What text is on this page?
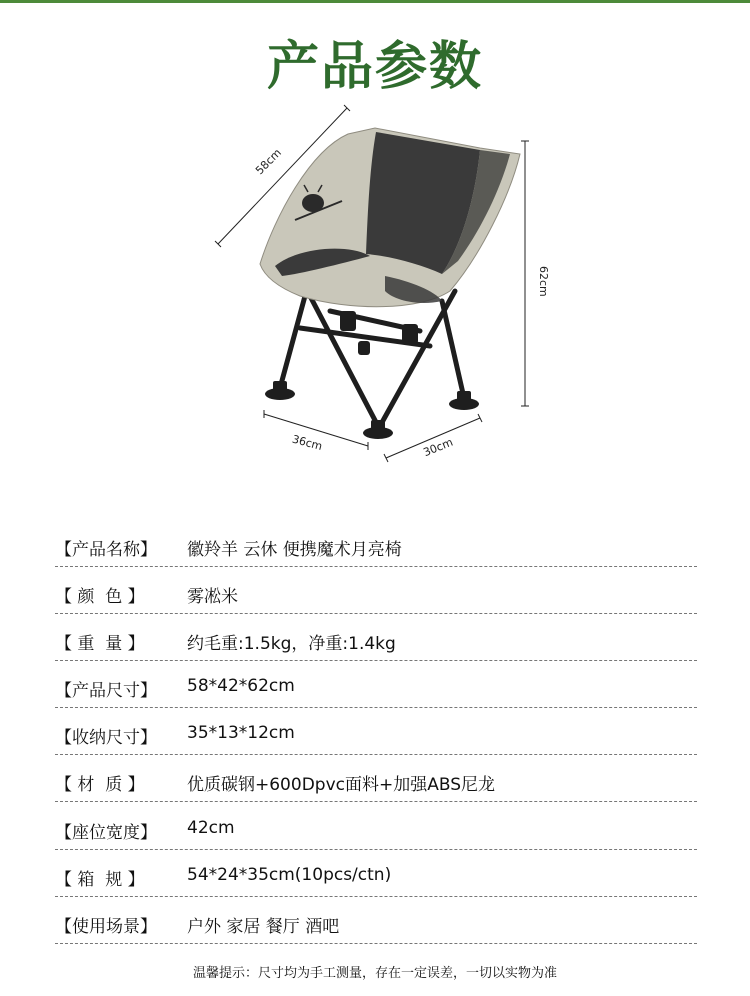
产品参数
58cm
62cm
36cm	30cm
【产品名称】 徽羚羊 云休 便携魔术月亮椅
【 颜  色 】 雾凇米
【 重  量 】 约毛重:1.5kg，净重:1.4kg
【产品尺寸】 58*42*62cm
【收纳尺寸】 35*13*12cm
【 材  质 】 优质碳钢+600Dpvc面料+加强ABS尼龙
【座位宽度】 42cm
【 箱  规 】 54*24*35cm(10pcs/ctn)
【使用场景】 户外 家居 餐厅 酒吧
温馨提示：尺寸均为手工测量，存在一定误差，一切以实物为准
